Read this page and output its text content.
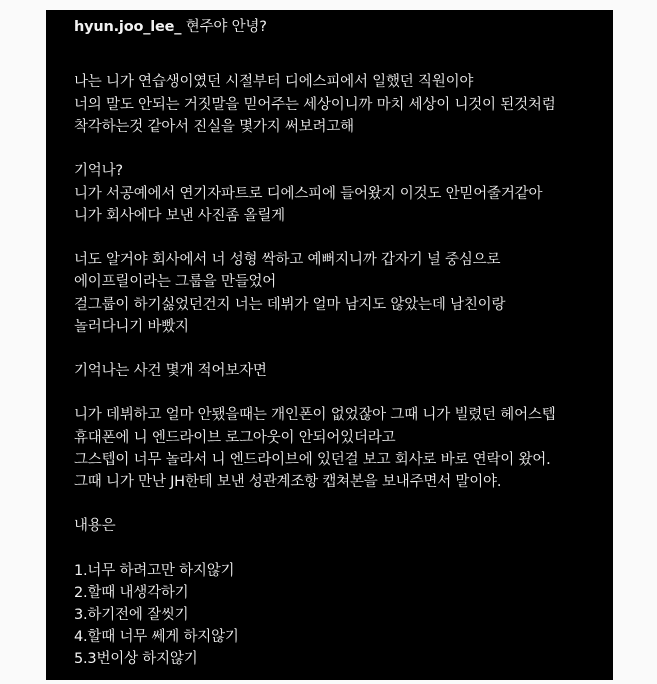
hyun.joo_lee_ 현주야 안녕?
나는 니가 연습생이였던 시절부터 디에스피에서 일했던 직원이야
너의 말도 안되는 거짓말을 믿어주는 세상이니까 마치 세상이 니것이 된것처럼
착각하는것 같아서 진실을 몇가지 써보려고해
기억나?
니가 서공예에서 연기자파트로 디에스피에 들어왔지 이것도 안믿어줄거같아
니가 회사에다 보낸 사진좀 올릴게
너도 알거야 회사에서 너 성형 싹하고 예뻐지니까 갑자기 널 중심으로
에이프릴이라는 그룹을 만들었어
걸그룹이 하기싫었던건지 너는 데뷔가 얼마 남지도 않았는데 남친이랑
놀러다니기 바빴지
기억나는 사건 몇개 적어보자면
니가 데뷔하고 얼마 안됐을때는 개인폰이 없었잖아 그때 니가 빌렸던 헤어스텝
휴대폰에 니 엔드라이브 로그아웃이 안되어있더라고
그스텝이 너무 놀라서 니 엔드라이브에 있던걸 보고 회사로 바로 연락이 왔어.
그때 니가 만난 JH한테 보낸 성관계조항 캡쳐본을 보내주면서 말이야.
내용은
1.너무 하려고만 하지않기
2.할때 내생각하기
3.하기전에 잘씻기
4.할때 너무 쎄게 하지않기
5.3번이상 하지않기
